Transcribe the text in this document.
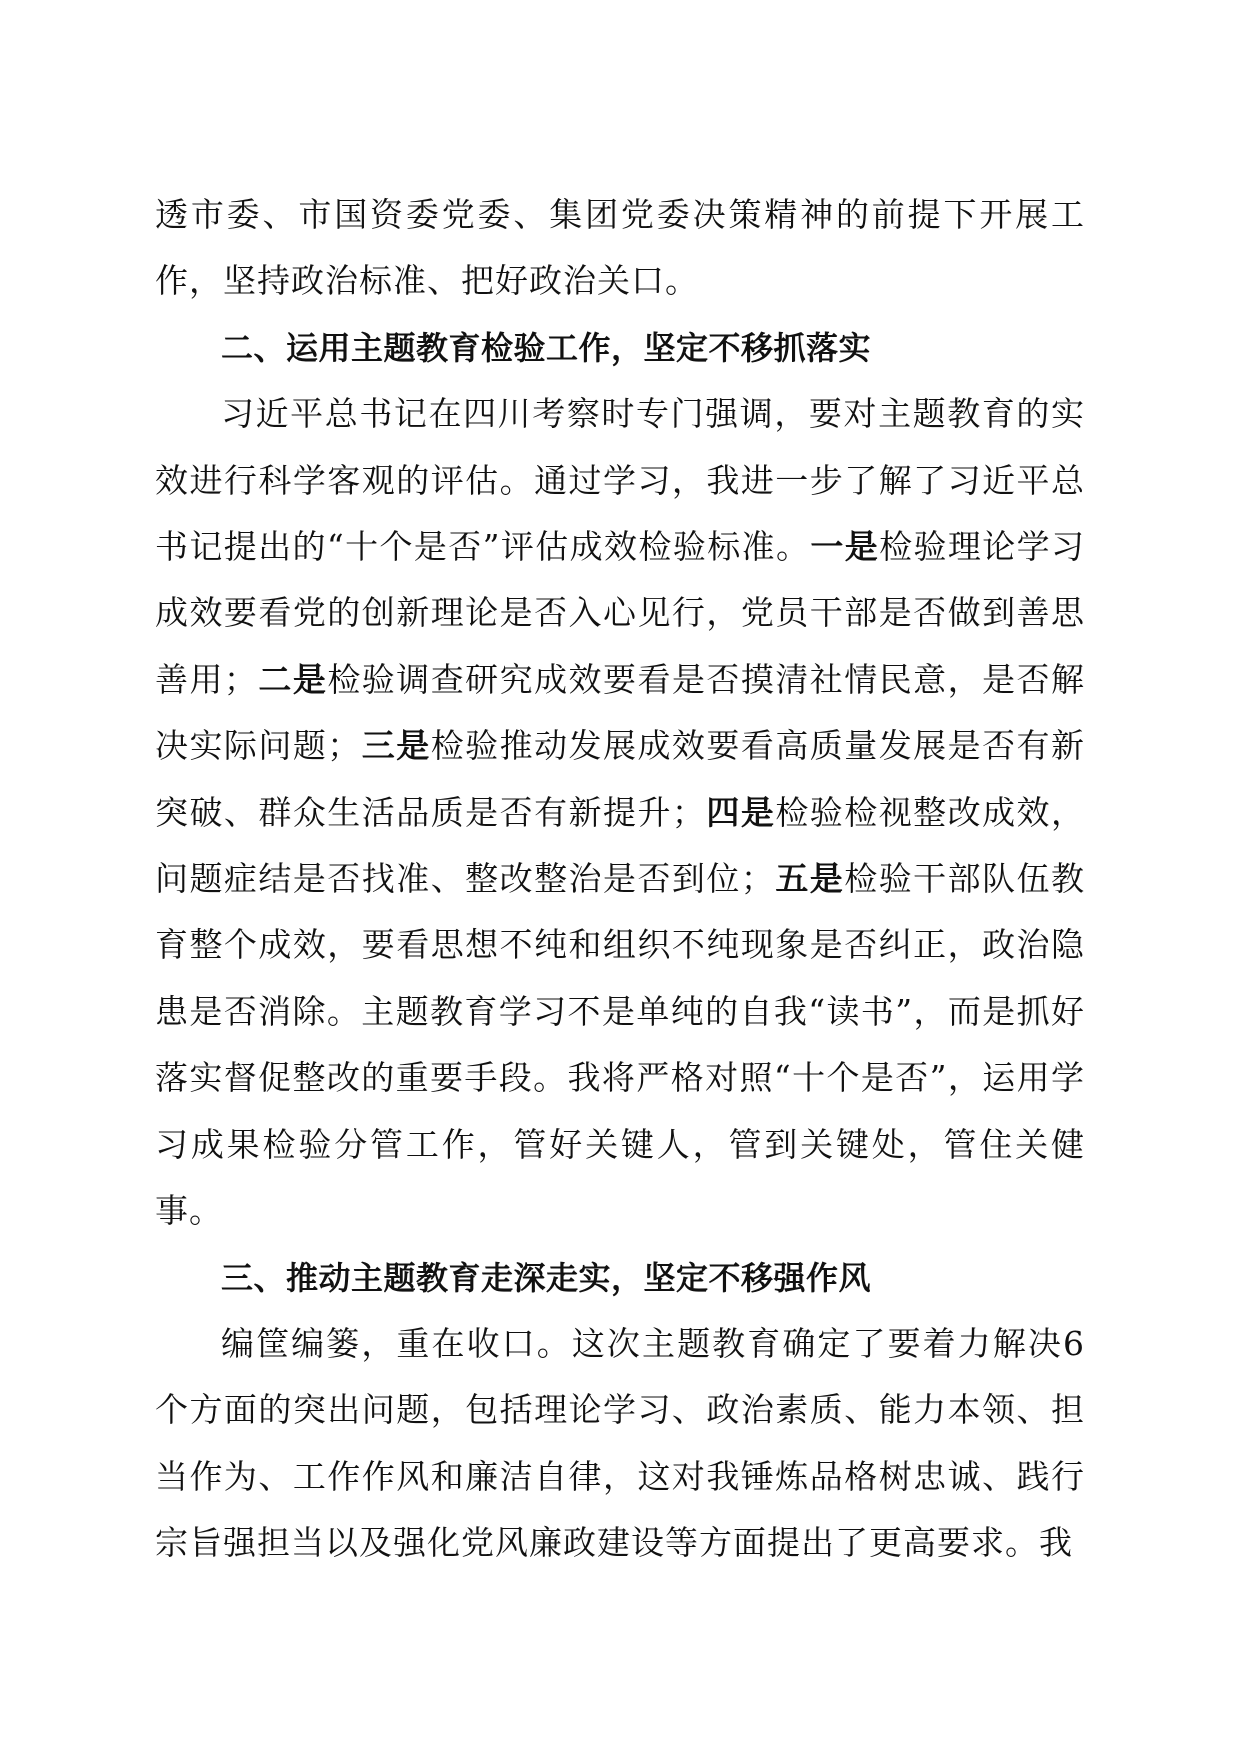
透市委、市国资委党委、集团党委决策精神的前提下开展工作，坚持政治标准、把好政治关口。

二、运用主题教育检验工作，坚定不移抓落实

习近平总书记在四川考察时专门强调，要对主题教育的实效进行科学客观的评估。通过学习，我进一步了解了习近平总书记提出的“十个是否”评估成效检验标准。一是检验理论学习成效要看党的创新理论是否入心见行，党员干部是否做到善思善用；二是检验调查研究成效要看是否摸清社情民意，是否解决实际问题；三是检验推动发展成效要看高质量发展是否有新突破、群众生活品质是否有新提升；四是检验检视整改成效，问题症结是否找准、整改整治是否到位；五是检验干部队伍教育整个成效，要看思想不纯和组织不纯现象是否纠正，政治隐患是否消除。主题教育学习不是单纯的自我“读书”，而是抓好落实督促整改的重要手段。我将严格对照“十个是否”，运用学习成果检验分管工作，管好关键人，管到关键处，管住关健事。

三、推动主题教育走深走实，坚定不移强作风

编筐编篓，重在收口。这次主题教育确定了要着力解决6个方面的突出问题，包括理论学习、政治素质、能力本领、担当作为、工作作风和廉洁自律，这对我锤炼品格树忠诚、践行宗旨强担当以及强化党风廉政建设等方面提出了更高要求。我
